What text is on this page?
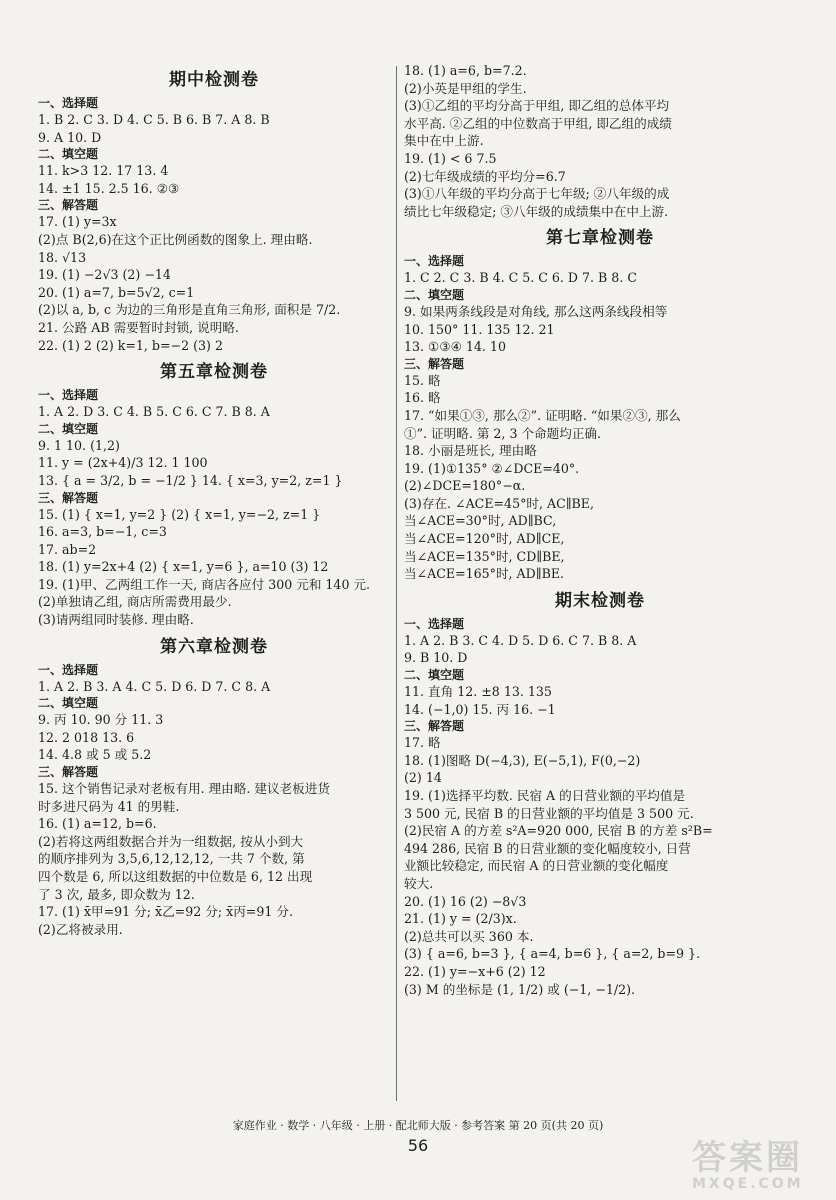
期中检测卷
一、选择题
1. B 2. C 3. D 4. C 5. B 6. B 7. A 8. B
9. A 10. D
二、填空题
11. k>3 12. 17 13. 4
14. ±1 15. 2.5 16. ②③
三、解答题
17. (1) y=3x
(2)点 B(2,6)在这个正比例函数的图象上. 理由略.
18. √13
19. (1) −2√3 (2) −14
20. (1) a=7, b=5√2, c=1
(2)以 a, b, c 为边的三角形是直角三角形, 面积是 7/2.
21. 公路 AB 需要暂时封锁, 说明略.
22. (1) 2 (2) k=1, b=−2 (3) 2
第五章检测卷
一、选择题
1. A 2. D 3. C 4. B 5. C 6. C 7. B 8. A
二、填空题
9. 1 10. (1,2)
11. y = (2x+4)/3 12. 1 100
13. { a = 3/2, b = −1/2 } 14. { x=3, y=2, z=1 }
三、解答题
15. (1) { x=1, y=2 } (2) { x=1, y=−2, z=1 }
16. a=3, b=−1, c=3
17. ab=2
18. (1) y=2x+4 (2) { x=1, y=6 }, a=10 (3) 12
19. (1)甲、乙两组工作一天, 商店各应付 300 元和 140 元.
(2)单独请乙组, 商店所需费用最少.
(3)请两组同时装修. 理由略.
第六章检测卷
一、选择题
1. A 2. B 3. A 4. C 5. D 6. D 7. C 8. A
二、填空题
9. 丙 10. 90 分 11. 3
12. 2 018 13. 6
14. 4.8 或 5 或 5.2
三、解答题
15. 这个销售记录对老板有用. 理由略. 建议老板进货
时多进尺码为 41 的男鞋.
16. (1) a=12, b=6.
(2)若将这两组数据合并为一组数据, 按从小到大
的顺序排列为 3,5,6,12,12,12, 一共 7 个数, 第
四个数是 6, 所以这组数据的中位数是 6, 12 出现
了 3 次, 最多, 即众数为 12.
17. (1) x̄甲=91 分; x̄乙=92 分; x̄丙=91 分.
(2)乙将被录用.
18. (1) a=6, b=7.2.
(2)小英是甲组的学生.
(3)①乙组的平均分高于甲组, 即乙组的总体平均
水平高. ②乙组的中位数高于甲组, 即乙组的成绩
集中在中上游.
19. (1) < 6 7.5
(2)七年级成绩的平均分=6.7
(3)①八年级的平均分高于七年级; ②八年级的成
绩比七年级稳定; ③八年级的成绩集中在中上游.
第七章检测卷
一、选择题
1. C 2. C 3. B 4. C 5. C 6. D 7. B 8. C
二、填空题
9. 如果两条线段是对角线, 那么这两条线段相等
10. 150° 11. 135 12. 21
13. ①③④ 14. 10
三、解答题
15. 略
16. 略
17. “如果①③, 那么②”. 证明略. “如果②③, 那么
①”. 证明略. 第 2, 3 个命题均正确.
18. 小丽是班长, 理由略
19. (1)①135° ②∠DCE=40°.
(2)∠DCE=180°−α.
(3)存在. ∠ACE=45°时, AC∥BE,
当∠ACE=30°时, AD∥BC,
当∠ACE=120°时, AD∥CE,
当∠ACE=135°时, CD∥BE,
当∠ACE=165°时, AD∥BE.
期末检测卷
一、选择题
1. A 2. B 3. C 4. D 5. D 6. C 7. B 8. A
9. B 10. D
二、填空题
11. 直角 12. ±8 13. 135
14. (−1,0) 15. 丙 16. −1
三、解答题
17. 略
18. (1)图略 D(−4,3), E(−5,1), F(0,−2)
(2) 14
19. (1)选择平均数. 民宿 A 的日营业额的平均值是
3 500 元, 民宿 B 的日营业额的平均值是 3 500 元.
(2)民宿 A 的方差 s²A=920 000, 民宿 B 的方差 s²B=
494 286, 民宿 B 的日营业额的变化幅度较小, 日营
业额比较稳定, 而民宿 A 的日营业额的变化幅度
较大.
20. (1) 16 (2) −8√3
21. (1) y = (2/3)x.
(2)总共可以买 360 本.
(3) { a=6, b=3 }, { a=4, b=6 }, { a=2, b=9 }.
22. (1) y=−x+6 (2) 12
(3) M 的坐标是 (1, 1/2) 或 (−1, −1/2).
家庭作业 · 数学 · 八年级 · 上册 · 配北师大版 · 参考答案 第 20 页(共 20 页)
56	答案圈
MXQE.COM
